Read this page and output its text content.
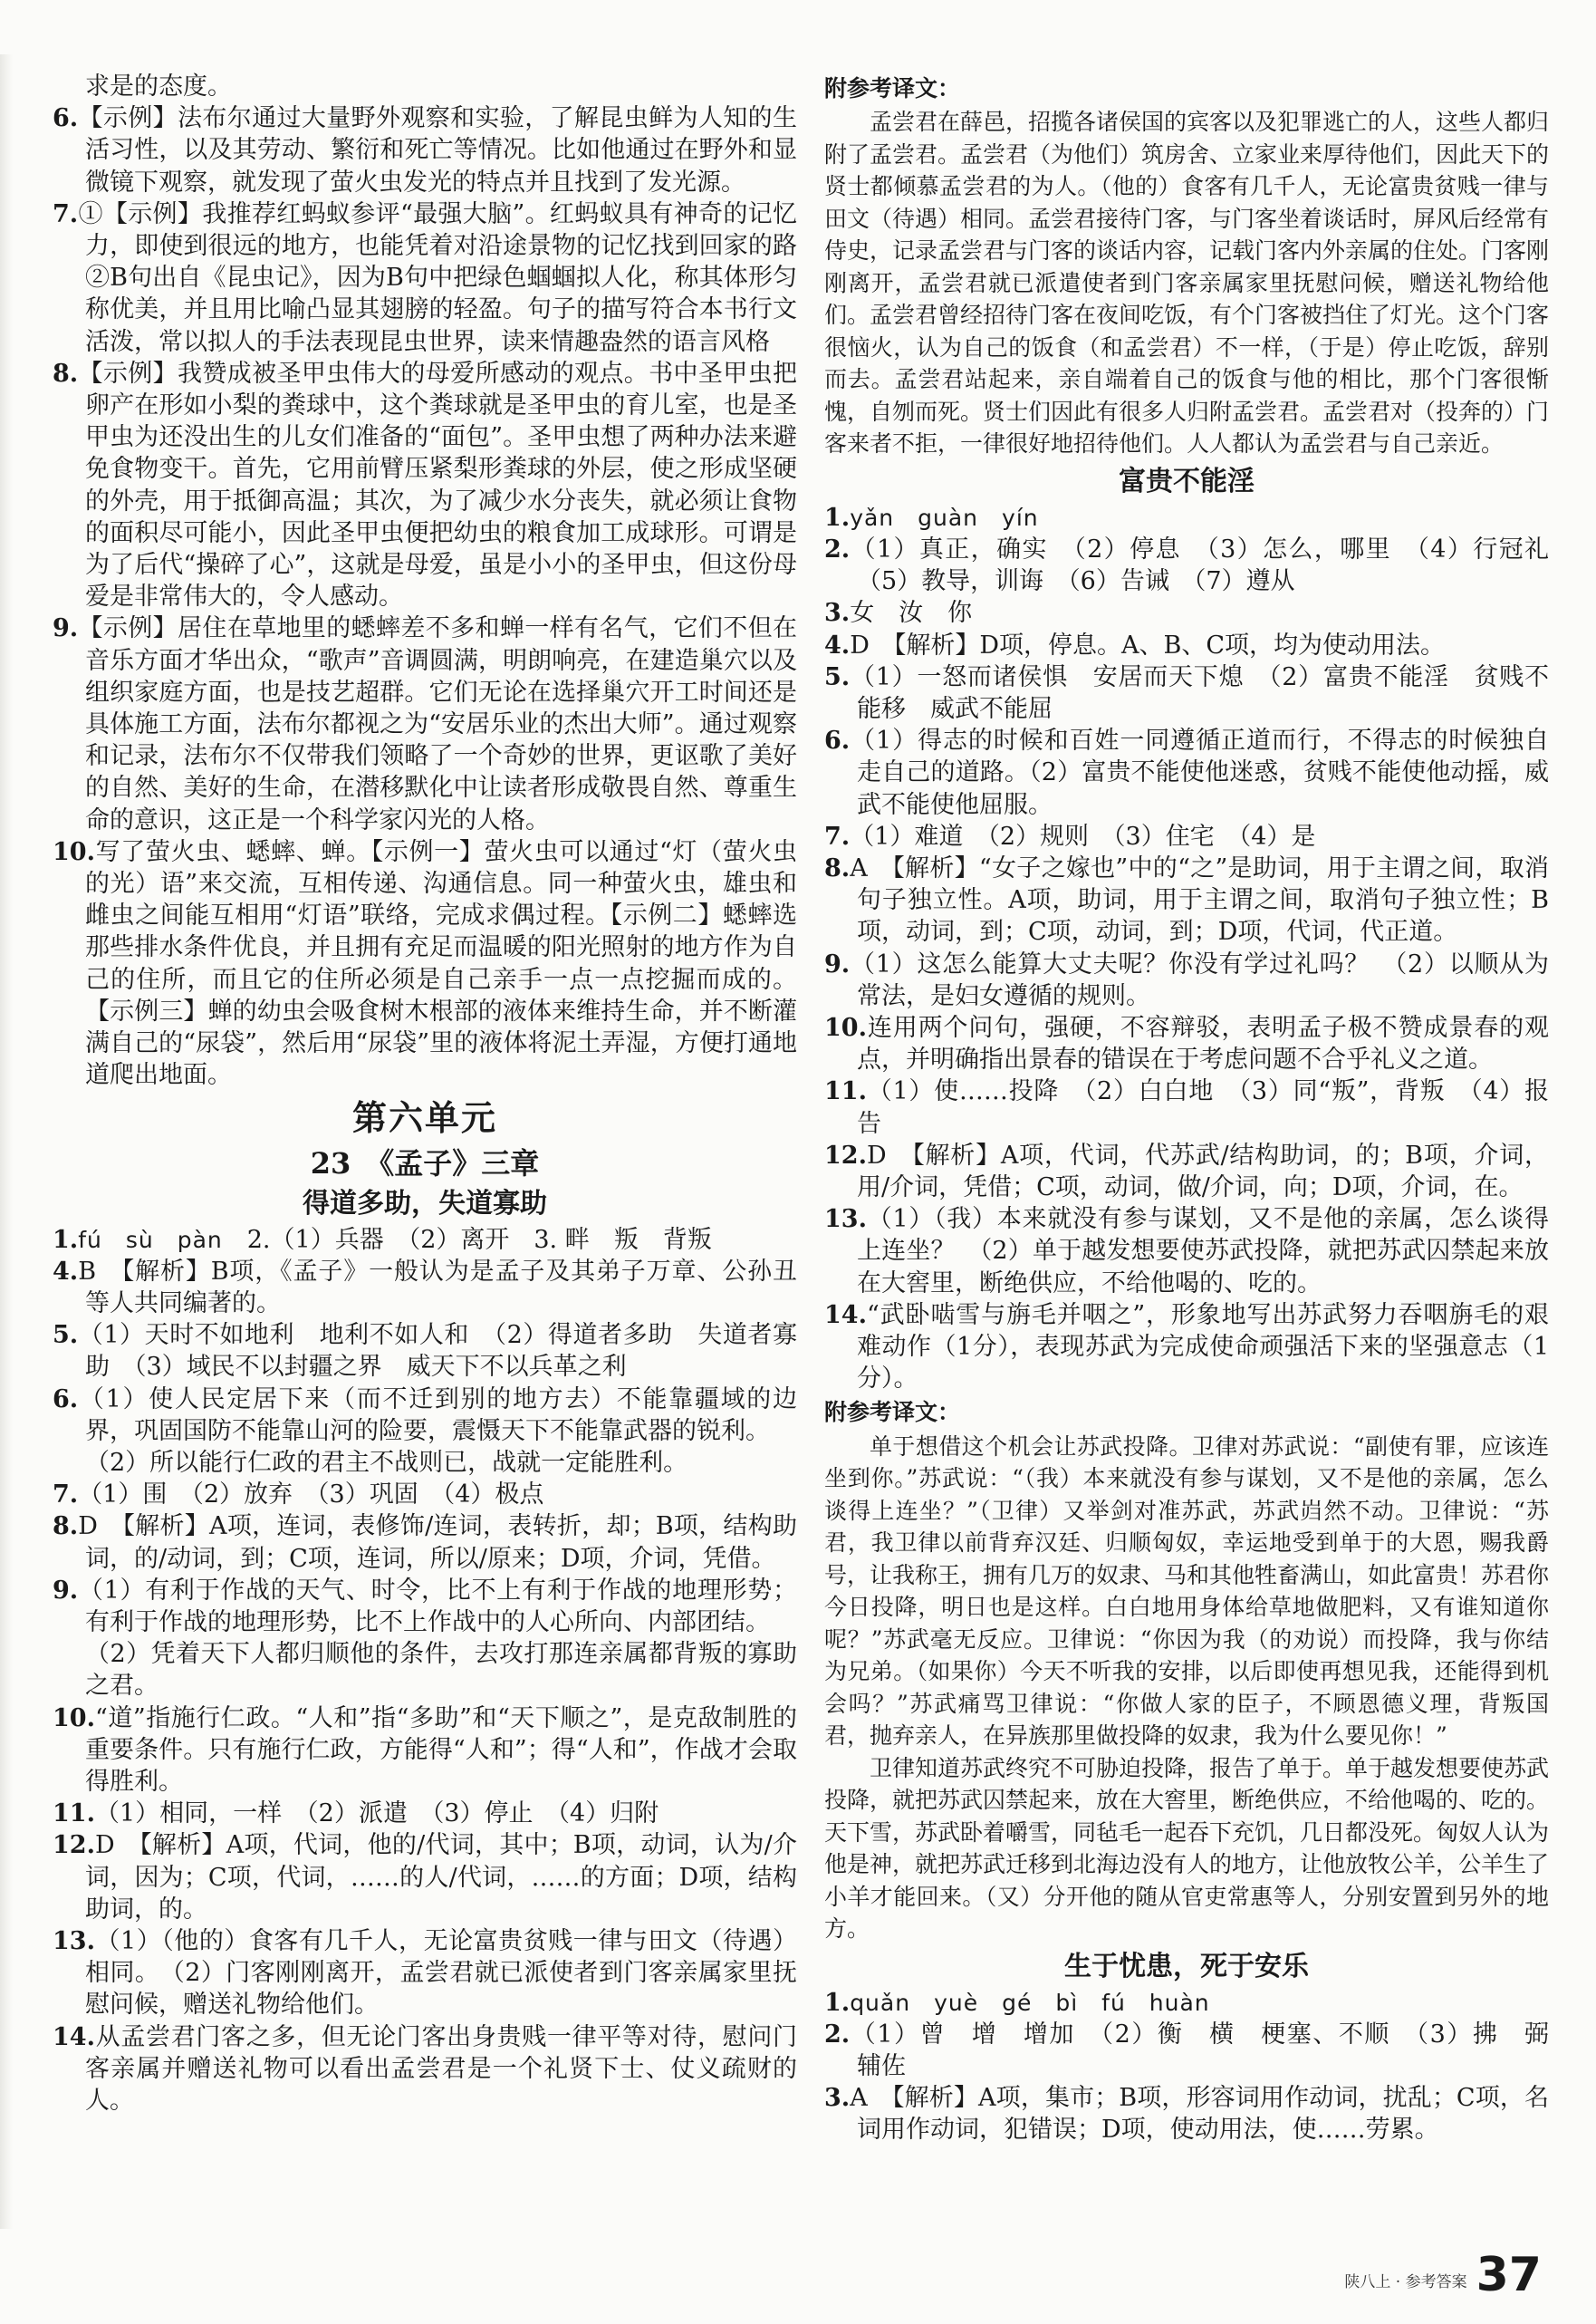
求是的态度。

6.【示例】法布尔通过大量野外观察和实验，了解昆虫鲜为人知的生活习性，以及其劳动、繁衍和死亡等情况。比如他通过在野外和显微镜下观察，就发现了萤火虫发光的特点并且找到了发光源。

7.①【示例】我推荐红蚂蚁参评“最强大脑”。红蚂蚁具有神奇的记忆力，即使到很远的地方，也能凭着对沿途景物的记忆找到回家的路 ②B句出自《昆虫记》，因为B句中把绿色蝈蝈拟人化，称其体形匀称优美，并且用比喻凸显其翅膀的轻盈。句子的描写符合本书行文活泼，常以拟人的手法表现昆虫世界，读来情趣盎然的语言风格

8.【示例】我赞成被圣甲虫伟大的母爱所感动的观点。书中圣甲虫把卵产在形如小梨的粪球中，这个粪球就是圣甲虫的育儿室，也是圣甲虫为还没出生的儿女们准备的“面包”。圣甲虫想了两种办法来避免食物变干。首先，它用前臂压紧梨形粪球的外层，使之形成坚硬的外壳，用于抵御高温；其次，为了减少水分丧失，就必须让食物的面积尽可能小，因此圣甲虫便把幼虫的粮食加工成球形。可谓是为了后代“操碎了心”，这就是母爱，虽是小小的圣甲虫，但这份母爱是非常伟大的，令人感动。

9.【示例】居住在草地里的蟋蟀差不多和蝉一样有名气，它们不但在音乐方面才华出众，“歌声”音调圆满，明朗响亮，在建造巢穴以及组织家庭方面，也是技艺超群。它们无论在选择巢穴开工时间还是具体施工方面，法布尔都视之为“安居乐业的杰出大师”。通过观察和记录，法布尔不仅带我们领略了一个奇妙的世界，更讴歌了美好的自然、美好的生命，在潜移默化中让读者形成敬畏自然、尊重生命的意识，这正是一个科学家闪光的人格。

10.写了萤火虫、蟋蟀、蝉。【示例一】萤火虫可以通过“灯（萤火虫的光）语”来交流，互相传递、沟通信息。同一种萤火虫，雄虫和雌虫之间能互相用“灯语”联络，完成求偶过程。【示例二】蟋蟀选那些排水条件优良，并且拥有充足而温暖的阳光照射的地方作为自己的住所，而且它的住所必须是自己亲手一点一点挖掘而成的。【示例三】蝉的幼虫会吸食树木根部的液体来维持生命，并不断灌满自己的“尿袋”，然后用“尿袋”里的液体将泥土弄湿，方便打通地道爬出地面。

第六单元
23　《孟子》三章
得道多助，失道寡助

1.fú　sù　pàn　2.（1）兵器　（2）离开　3. 畔　叛　背叛

4.B　【解析】B项，《孟子》一般认为是孟子及其弟子万章、公孙丑等人共同编著的。

5.（1）天时不如地利　地利不如人和　（2）得道者多助　失道者寡助　（3）域民不以封疆之界　威天下不以兵革之利

6.（1）使人民定居下来（而不迁到别的地方去）不能靠疆域的边界，巩固国防不能靠山河的险要，震慑天下不能靠武器的锐利。

（2）所以能行仁政的君主不战则已，战就一定能胜利。

7.（1）围　（2）放弃　（3）巩固　（4）极点

8.D　【解析】A项，连词，表修饰/连词，表转折，却；B项，结构助词，的/动词，到；C项，连词，所以/原来；D项，介词，凭借。

9.（1）有利于作战的天气、时令，比不上有利于作战的地理形势；有利于作战的地理形势，比不上作战中的人心所向、内部团结。

（2）凭着天下人都归顺他的条件，去攻打那连亲属都背叛的寡助之君。

10.“道”指施行仁政。“人和”指“多助”和“天下顺之”，是克敌制胜的重要条件。只有施行仁政，方能得“人和”；得“人和”，作战才会取得胜利。

11.（1）相同，一样　（2）派遣　（3）停止　（4）归附

12.D　【解析】A项，代词，他的/代词，其中；B项，动词，认为/介词，因为；C项，代词，……的人/代词，……的方面；D项，结构助词，的。

13.（1）（他的）食客有几千人，无论富贵贫贱一律与田文（待遇）相同。　（2）门客刚刚离开，孟尝君就已派使者到门客亲属家里抚慰问候，赠送礼物给他们。

14.从孟尝君门客之多，但无论门客出身贵贱一律平等对待，慰问门客亲属并赠送礼物可以看出孟尝君是一个礼贤下士、仗义疏财的人。

附参考译文：

孟尝君在薛邑，招揽各诸侯国的宾客以及犯罪逃亡的人，这些人都归附了孟尝君。孟尝君（为他们）筑房舍、立家业来厚待他们，因此天下的贤士都倾慕孟尝君的为人。（他的）食客有几千人，无论富贵贫贱一律与田文（待遇）相同。孟尝君接待门客，与门客坐着谈话时，屏风后经常有侍史，记录孟尝君与门客的谈话内容，记载门客内外亲属的住处。门客刚刚离开，孟尝君就已派遣使者到门客亲属家里抚慰问候，赠送礼物给他们。孟尝君曾经招待门客在夜间吃饭，有个门客被挡住了灯光。这个门客很恼火，认为自己的饭食（和孟尝君）不一样，（于是）停止吃饭，辞别而去。孟尝君站起来，亲自端着自己的饭食与他的相比，那个门客很惭愧，自刎而死。贤士们因此有很多人归附孟尝君。孟尝君对（投奔的）门客来者不拒，一律很好地招待他们。人人都认为孟尝君与自己亲近。

富贵不能淫

1.yǎn　guàn　yín

2.（1）真正，确实　（2）停息　（3）怎么，哪里　（4）行冠礼　（5）教导，训诲　（6）告诫　（7）遵从

3.女　汝　你

4.D　【解析】D项，停息。A、B、C项，均为使动用法。

5.（1）一怒而诸侯惧　安居而天下熄　（2）富贵不能淫　贫贱不能移　威武不能屈

6.（1）得志的时候和百姓一同遵循正道而行，不得志的时候独自走自己的道路。（2）富贵不能使他迷惑，贫贱不能使他动摇，威武不能使他屈服。

7.（1）难道　（2）规则　（3）住宅　（4）是

8.A　【解析】“女子之嫁也”中的“之”是助词，用于主谓之间，取消句子独立性。A项，助词，用于主谓之间，取消句子独立性；B项，动词，到；C项，动词，到；D项，代词，代正道。

9.（1）这怎么能算大丈夫呢？你没有学过礼吗？　（2）以顺从为常法，是妇女遵循的规则。

10.连用两个问句，强硬，不容辩驳，表明孟子极不赞成景春的观点，并明确指出景春的错误在于考虑问题不合乎礼义之道。

11.（1）使……投降　（2）白白地　（3）同“叛”，背叛　（4）报告

12.D　【解析】A项，代词，代苏武/结构助词，的；B项，介词，用/介词，凭借；C项，动词，做/介词，向；D项，介词，在。

13.（1）（我）本来就没有参与谋划，又不是他的亲属，怎么谈得上连坐？　（2）单于越发想要使苏武投降，就把苏武囚禁起来放在大窖里，断绝供应，不给他喝的、吃的。

14.“武卧啮雪与旃毛并咽之”，形象地写出苏武努力吞咽旃毛的艰难动作（1分），表现苏武为完成使命顽强活下来的坚强意志（1分）。

附参考译文：

单于想借这个机会让苏武投降。卫律对苏武说：“副使有罪，应该连坐到你。”苏武说：“（我）本来就没有参与谋划，又不是他的亲属，怎么谈得上连坐？”（卫律）又举剑对准苏武，苏武岿然不动。卫律说：“苏君，我卫律以前背弃汉廷、归顺匈奴，幸运地受到单于的大恩，赐我爵号，让我称王，拥有几万的奴隶、马和其他牲畜满山，如此富贵！苏君你今日投降，明日也是这样。白白地用身体给草地做肥料，又有谁知道你呢？”苏武毫无反应。卫律说：“你因为我（的劝说）而投降，我与你结为兄弟。（如果你）今天不听我的安排，以后即使再想见我，还能得到机会吗？”苏武痛骂卫律说：“你做人家的臣子，不顾恩德义理，背叛国君，抛弃亲人，在异族那里做投降的奴隶，我为什么要见你！”

卫律知道苏武终究不可胁迫投降，报告了单于。单于越发想要使苏武投降，就把苏武囚禁起来，放在大窖里，断绝供应，不给他喝的、吃的。天下雪，苏武卧着嚼雪，同毡毛一起吞下充饥，几日都没死。匈奴人认为他是神，就把苏武迁移到北海边没有人的地方，让他放牧公羊，公羊生了小羊才能回来。（又）分开他的随从官吏常惠等人，分别安置到另外的地方。

生于忧患，死于安乐

1.quǎn　yuè　gé　bì　fú　huàn

2.（1）曾　增　增加　（2）衡　横　梗塞、不顺　（3）拂　弼　辅佐

3.A　【解析】A项，集市；B项，形容词用作动词，扰乱；C项，名词用作动词，犯错误；D项，使动用法，使……劳累。

陕八上 · 参考答案 37
